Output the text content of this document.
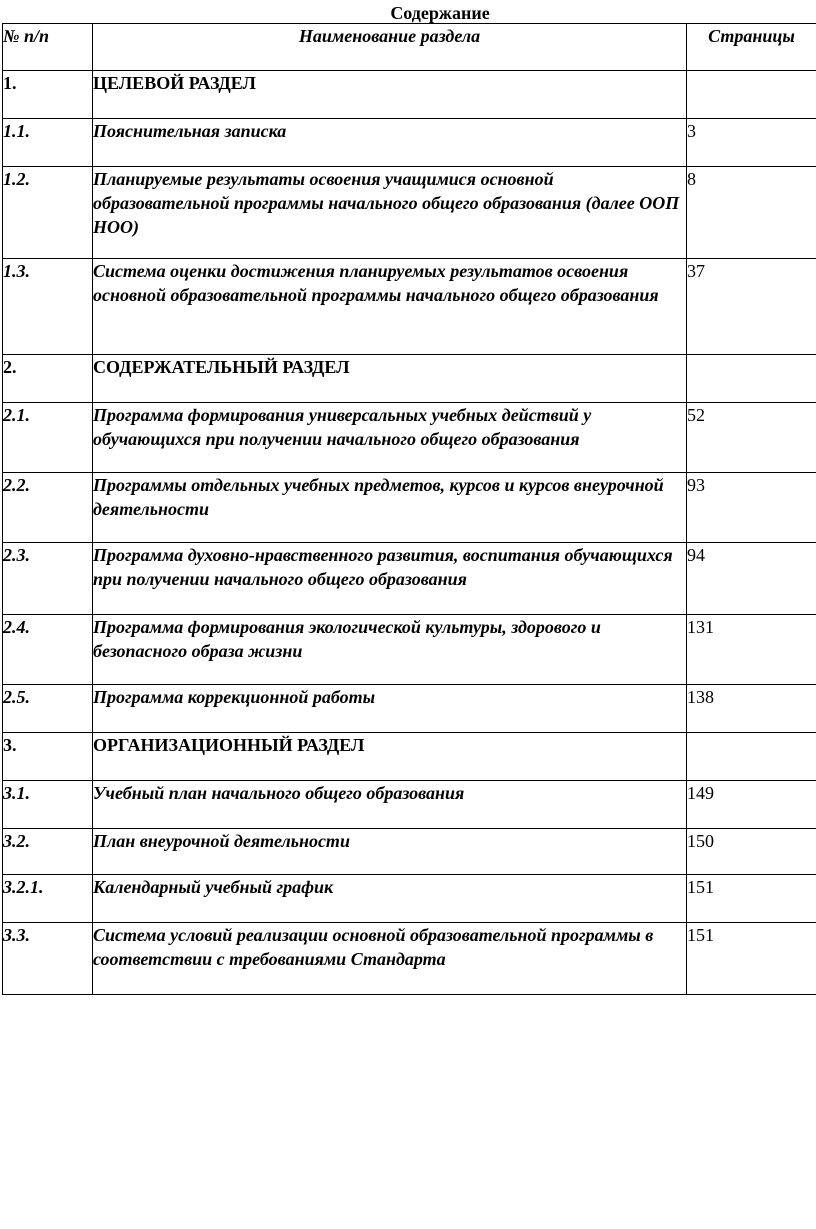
Содержание
№ п/п	Наименование раздела	Страницы
1.	ЦЕЛЕВОЙ РАЗДЕЛ	
1.1.	Пояснительная записка	3
1.2.	Планируемые результаты освоения учащимися основной образовательной программы начального общего образования (далее ООП НОО)	8
1.3.	Система оценки достижения планируемых результатов освоения основной образовательной программы начального общего образования	37
2.	СОДЕРЖАТЕЛЬНЫЙ РАЗДЕЛ	
2.1.	Программа формирования универсальных учебных действий у обучающихся при получении начального общего образования	52
2.2.	Программы отдельных учебных предметов, курсов и курсов внеурочной деятельности	93
2.3.	Программа духовно-нравственного развития, воспитания обучающихся при получении начального общего образования	94
2.4.	Программа формирования экологической культуры, здорового и безопасного образа жизни	131
2.5.	Программа коррекционной работы	138
3.	ОРГАНИЗАЦИОННЫЙ РАЗДЕЛ	
3.1.	Учебный план начального общего образования	149
3.2.	План внеурочной деятельности	150
3.2.1.	Календарный учебный график	151
3.3.	Система условий реализации основной образовательной программы в соответствии с требованиями Стандарта	151
